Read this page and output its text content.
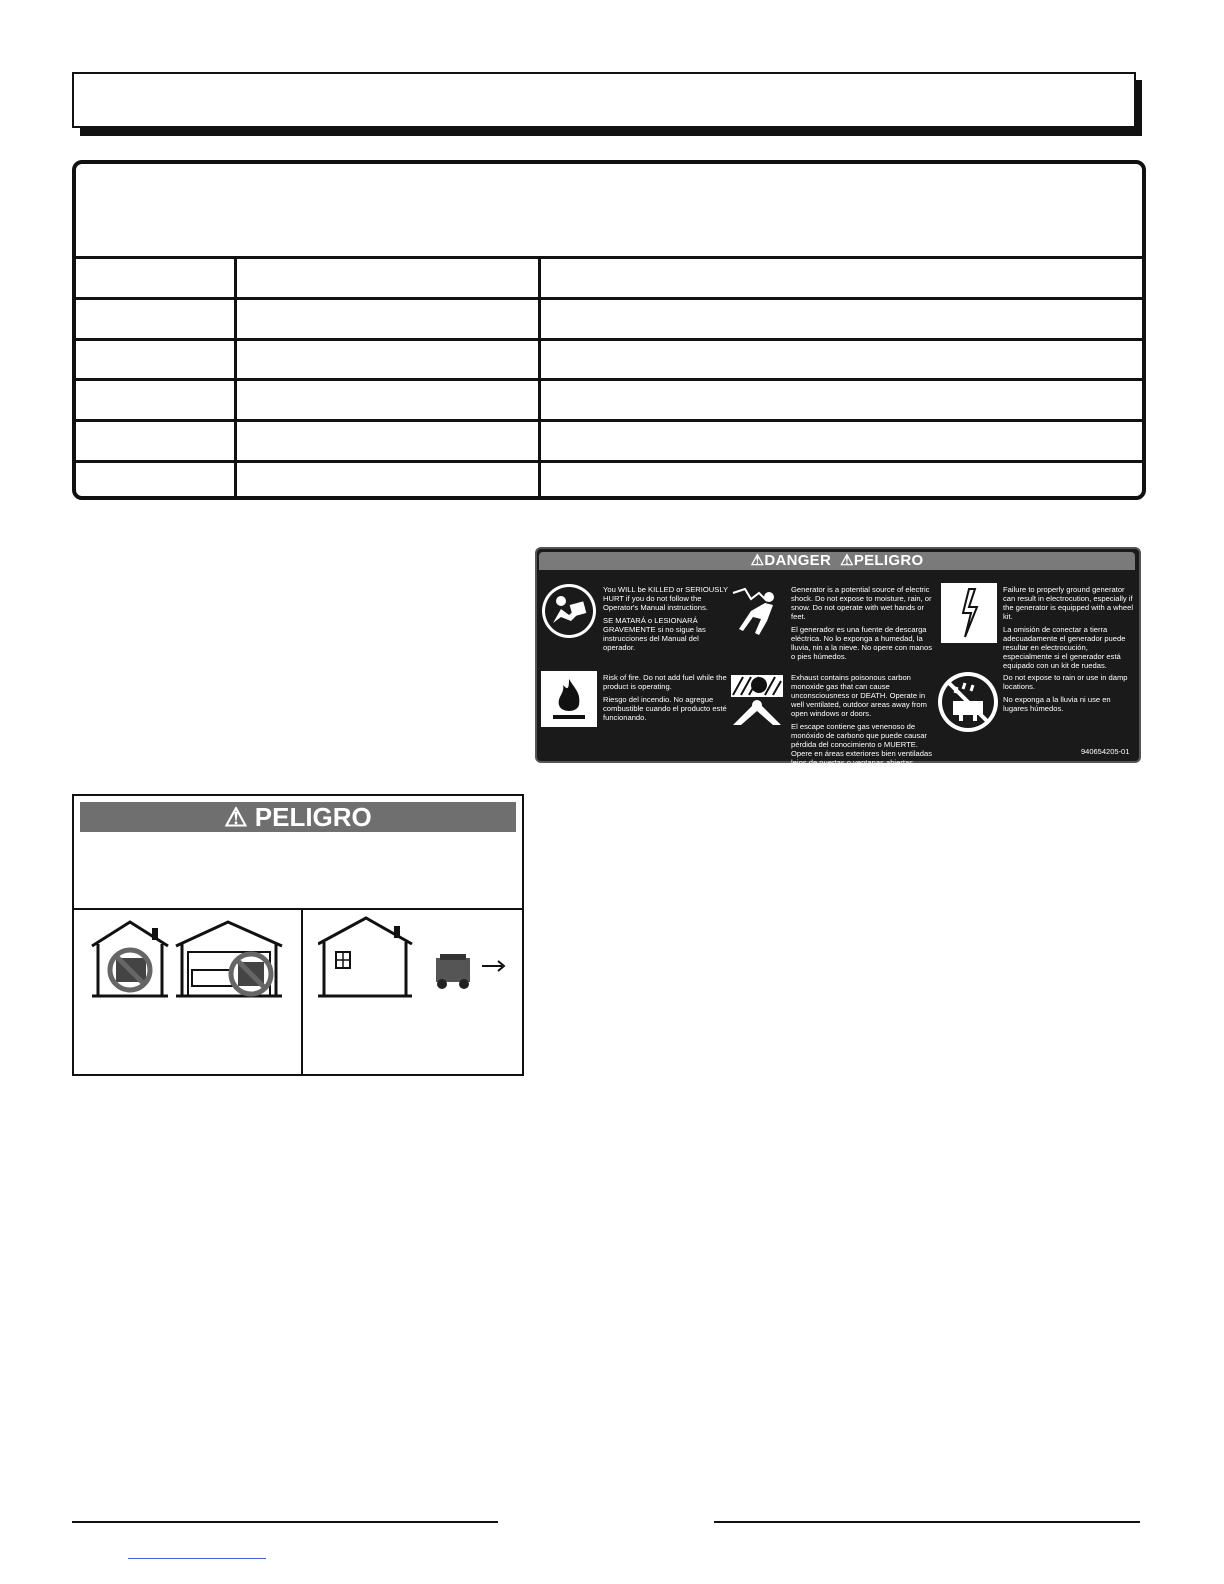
⚠DANGER ⚠PELIGRO
You WILL be KILLED or SERIOUSLY HURT if you do not follow the Operator's Manual instructions.
SE MATARÁ o LESIONARÁ GRAVEMENTE si no sigue las instrucciones del Manual del operador.
Generator is a potential source of electric shock. Do not expose to moisture, rain, or snow. Do not operate with wet hands or feet.
El generador es una fuente de descarga eléctrica. No lo exponga a humedad, la lluvia, nin a la nieve. No opere con manos o pies húmedos.
Failure to properly ground generator can result in electrocution, especially if the generator is equipped with a wheel kit.
La omisión de conectar a tierra adecuadamente el generador puede resultar en electrocución, especialmente si el generador está equipado con un kit de ruedas.
Risk of fire. Do not add fuel while the product is operating.
Riesgo del incendio. No agregue combustible cuando el producto esté funcionando.
Exhaust contains poisonous carbon monoxide gas that can cause unconsciousness or DEATH. Operate in well ventilated, outdoor areas away from open windows or doors.
El escape contiene gas venenoso de monóxido de carbono que puede causar pérdida del conocimiento o MUERTE. Opere en áreas exteriores bien ventiladas lejos de puertas o ventanas abiertas.
Do not expose to rain or use in damp locations.
No exponga a la lluvia ni use en lugares húmedos.
940654205-01
⚠ PELIGRO
